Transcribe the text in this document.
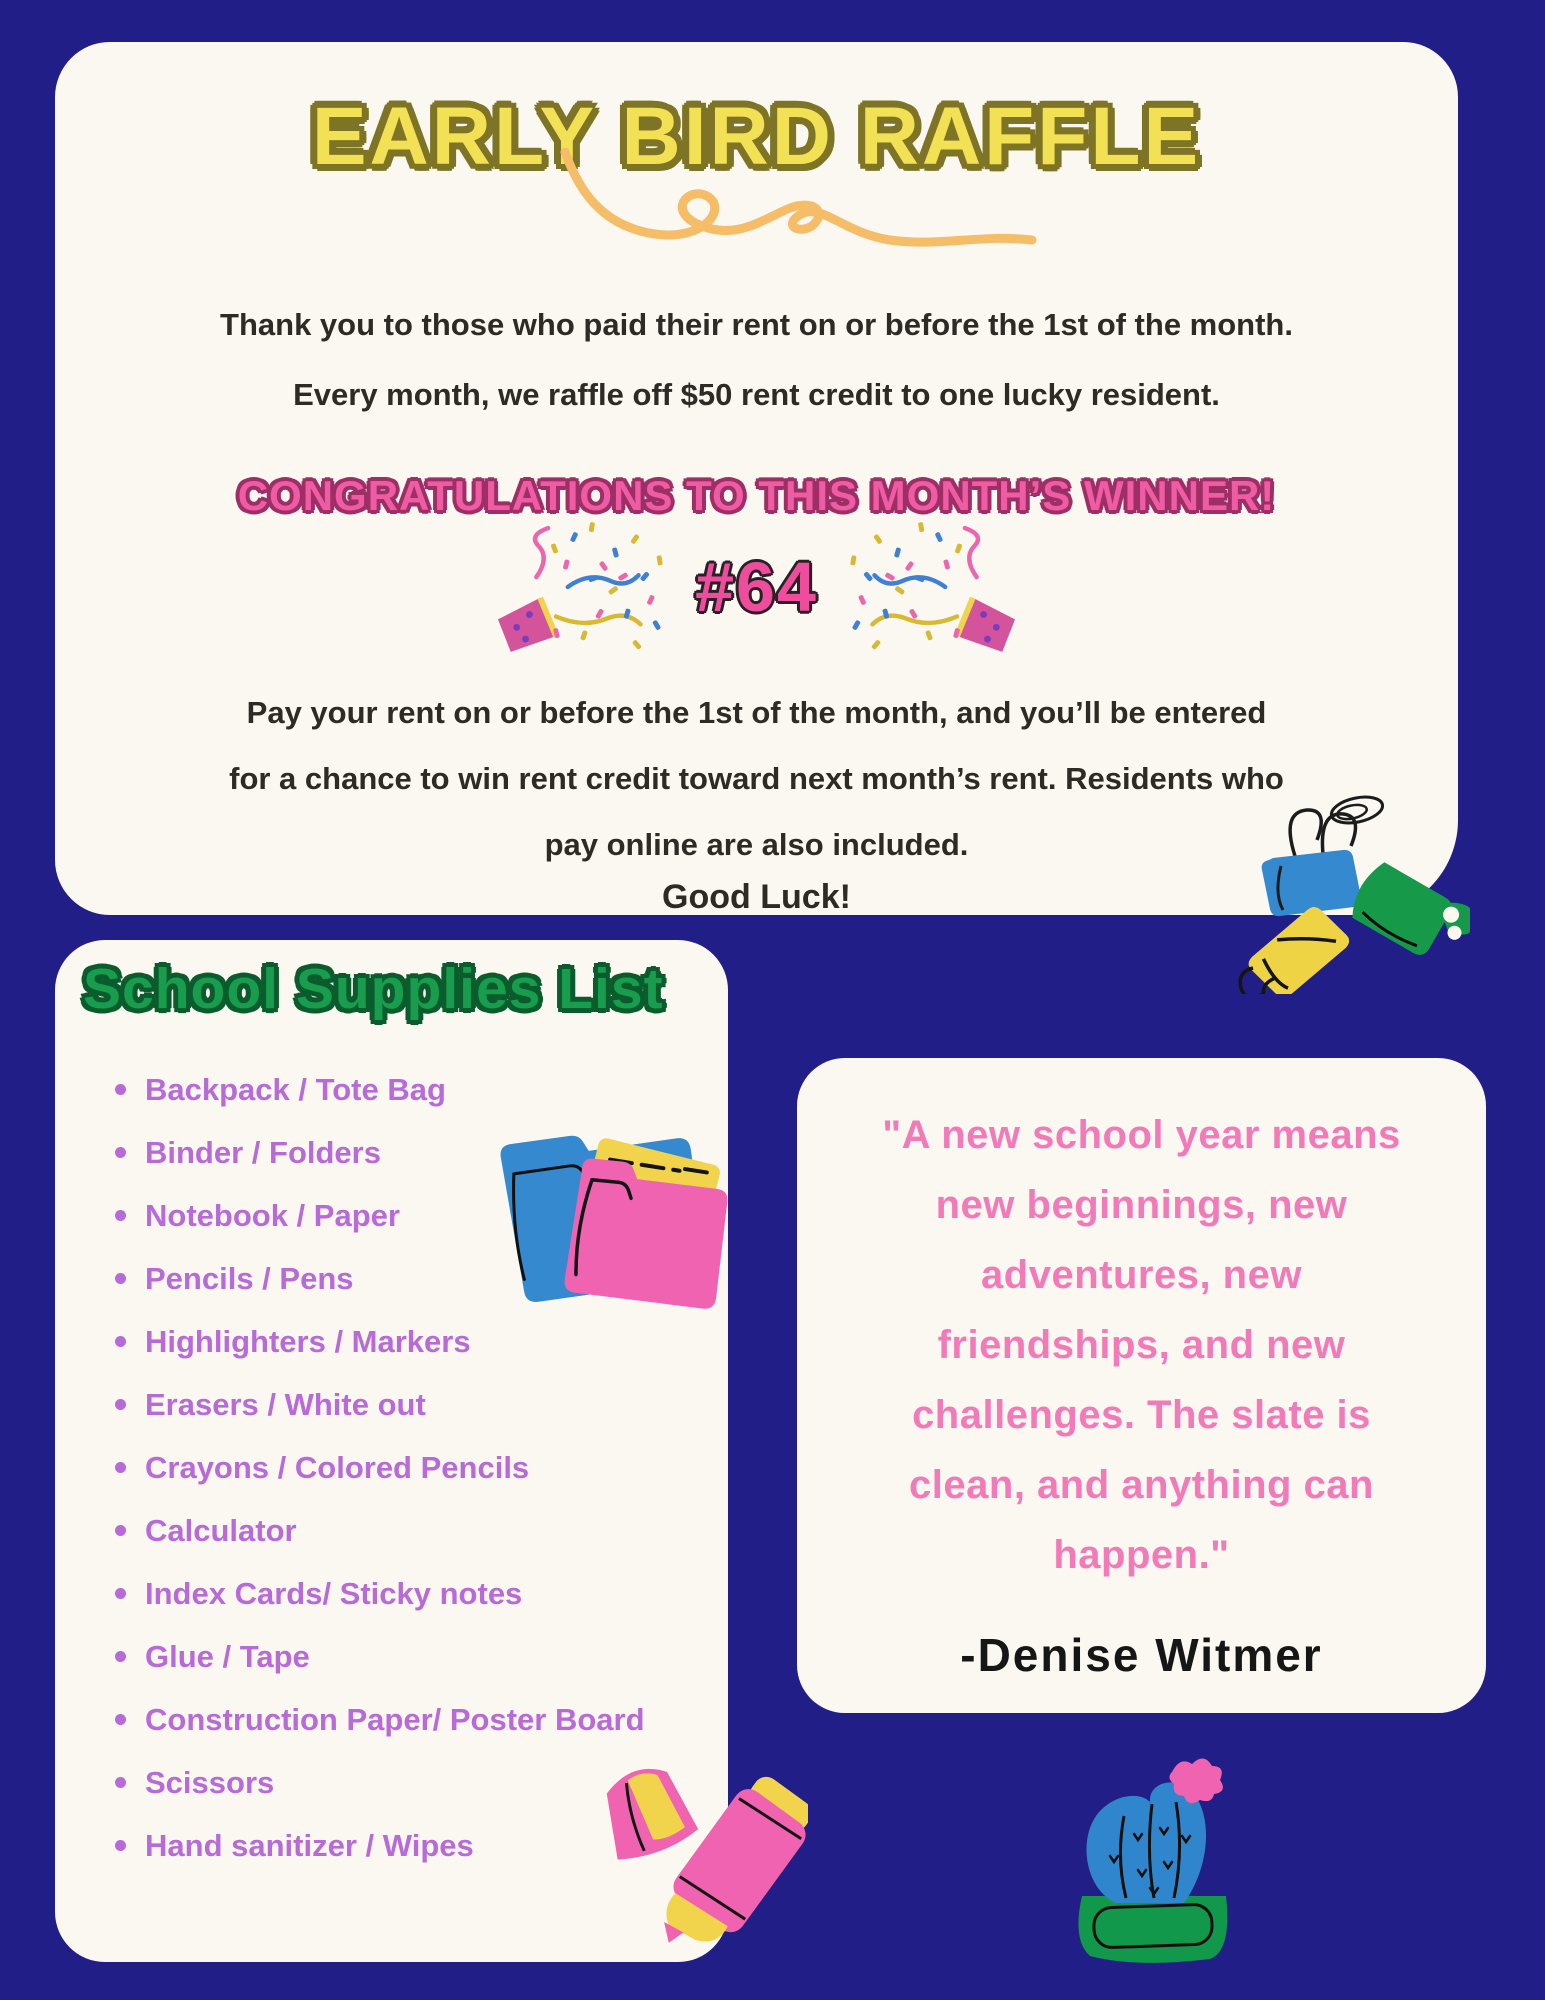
EARLY BIRD RAFFLE
Thank you to those who paid their rent on or before the 1st of the month.
Every month, we raffle off $50 rent credit to one lucky resident.
CONGRATULATIONS TO THIS MONTH’S WINNER!
#64
Pay your rent on or before the 1st of the month, and you’ll be entered
for a chance to win rent credit toward next month’s rent. Residents who
pay online are also included.
Good Luck!
School Supplies List
Backpack / Tote Bag
Binder / Folders
Notebook / Paper
Pencils / Pens
Highlighters / Markers
Erasers / White out
Crayons / Colored Pencils
Calculator
Index Cards/ Sticky notes
Glue / Tape
Construction Paper/ Poster Board
Scissors
Hand sanitizer / Wipes
"A new school year means
new beginnings, new
adventures, new
friendships, and new
challenges. The slate is
clean, and anything can
happen."
-Denise Witmer
